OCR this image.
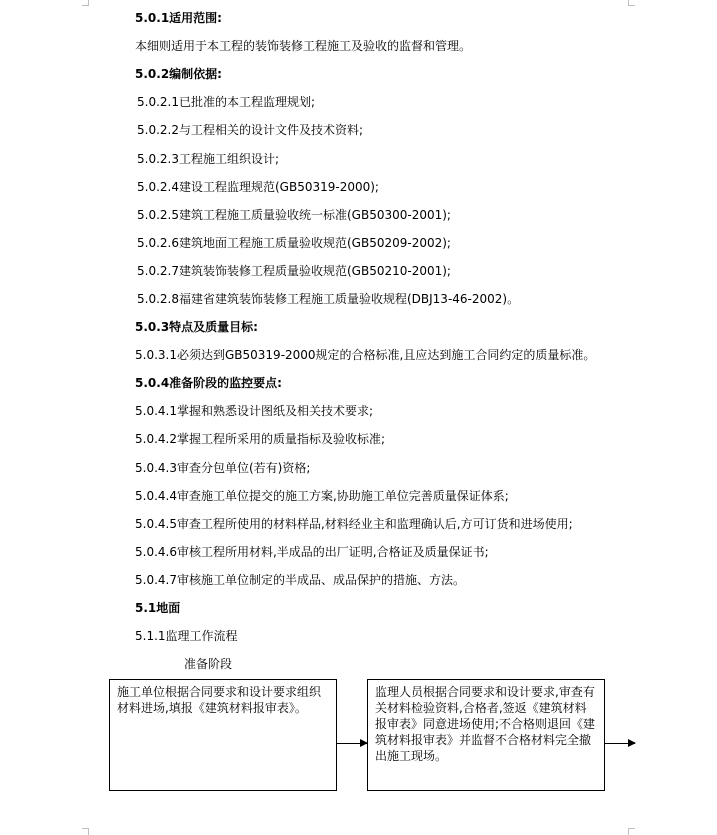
5.0.1适用范围:
本细则适用于本工程的装饰装修工程施工及验收的监督和管理。
5.0.2编制依据:
5.0.2.1已批准的本工程监理规划;
5.0.2.2与工程相关的设计文件及技术资料;
5.0.2.3工程施工组织设计;
5.0.2.4建设工程监理规范(GB50319-2000);
5.0.2.5建筑工程施工质量验收统一标准(GB50300-2001);
5.0.2.6建筑地面工程施工质量验收规范(GB50209-2002);
5.0.2.7建筑装饰装修工程质量验收规范(GB50210-2001);
5.0.2.8福建省建筑装饰装修工程施工质量验收规程(DBJ13-46-2002)。
5.0.3特点及质量目标:
5.0.3.1必须达到GB50319-2000规定的合格标准,且应达到施工合同约定的质量标准。
5.0.4准备阶段的监控要点:
5.0.4.1掌握和熟悉设计图纸及相关技术要求;
5.0.4.2掌握工程所采用的质量指标及验收标准;
5.0.4.3审查分包单位(若有)资格;
5.0.4.4审查施工单位提交的施工方案,协助施工单位完善质量保证体系;
5.0.4.5审查工程所使用的材料样品,材料经业主和监理确认后,方可订货和进场使用;
5.0.4.6审核工程所用材料,半成品的出厂证明,合格证及质量保证书;
5.0.4.7审核施工单位制定的半成品、成品保护的措施、方法。
5.1地面
5.1.1监理工作流程
准备阶段
施工单位根据合同要求和设计要求组织材料进场,填报《建筑材料报审表》。
监理人员根据合同要求和设计要求,审查有关材料检验资料,合格者,签返《建筑材料报审表》同意进场使用;不合格则退回《建筑材料报审表》并监督不合格材料完全撤出施工现场。
